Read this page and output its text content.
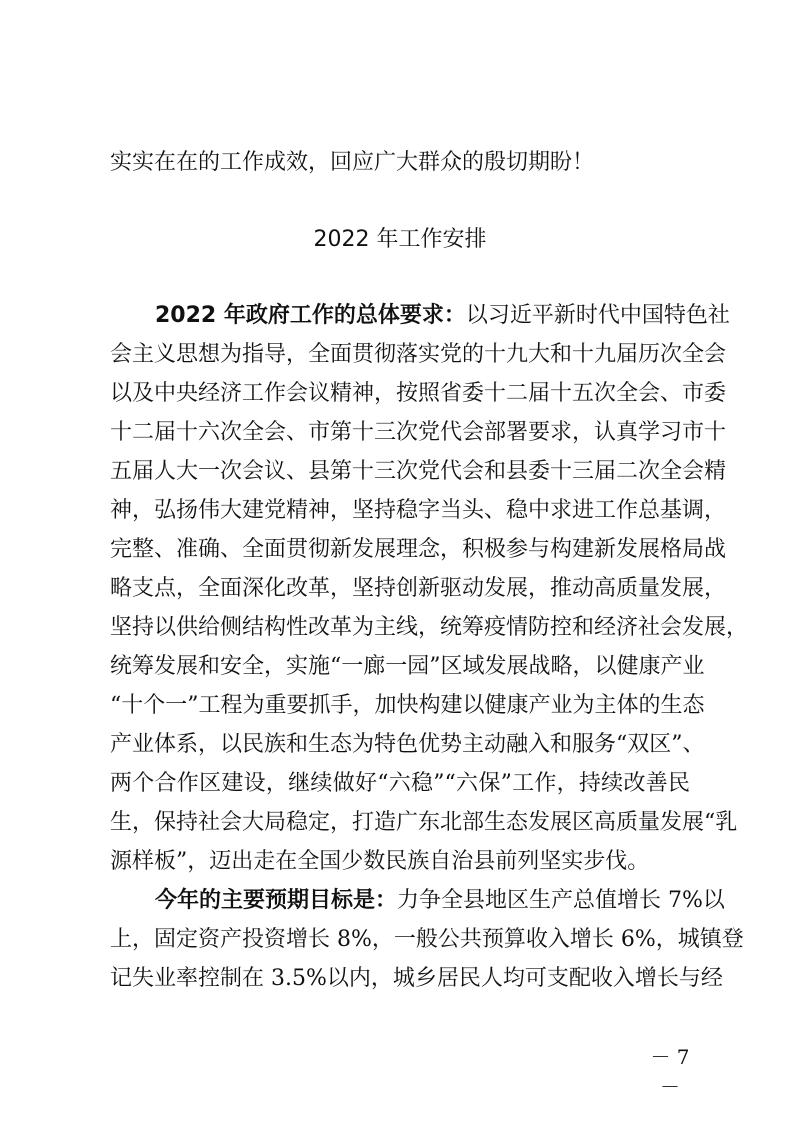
实实在在的工作成效，回应广大群众的殷切期盼！
2022 年工作安排
2022 年政府工作的总体要求：以习近平新时代中国特色社
会主义思想为指导，全面贯彻落实党的十九大和十九届历次全会
以及中央经济工作会议精神，按照省委十二届十五次全会、市委
十二届十六次全会、市第十三次党代会部署要求，认真学习市十
五届人大一次会议、县第十三次党代会和县委十三届二次全会精
神，弘扬伟大建党精神，坚持稳字当头、稳中求进工作总基调，
完整、准确、全面贯彻新发展理念，积极参与构建新发展格局战
略支点，全面深化改革，坚持创新驱动发展，推动高质量发展，
坚持以供给侧结构性改革为主线，统筹疫情防控和经济社会发展，
统筹发展和安全，实施“一廊一园”区域发展战略，以健康产业
“十个一”工程为重要抓手，加快构建以健康产业为主体的生态
产业体系，以民族和生态为特色优势主动融入和服务“双区”、
两个合作区建设，继续做好“六稳”“六保”工作，持续改善民
生，保持社会大局稳定，打造广东北部生态发展区高质量发展“乳
源样板”，迈出走在全国少数民族自治县前列坚实步伐。
今年的主要预期目标是：力争全县地区生产总值增长 7%以
上，固定资产投资增长 8%，一般公共预算收入增长 6%，城镇登
记失业率控制在 3.5%以内，城乡居民人均可支配收入增长与经
－ 7 －
